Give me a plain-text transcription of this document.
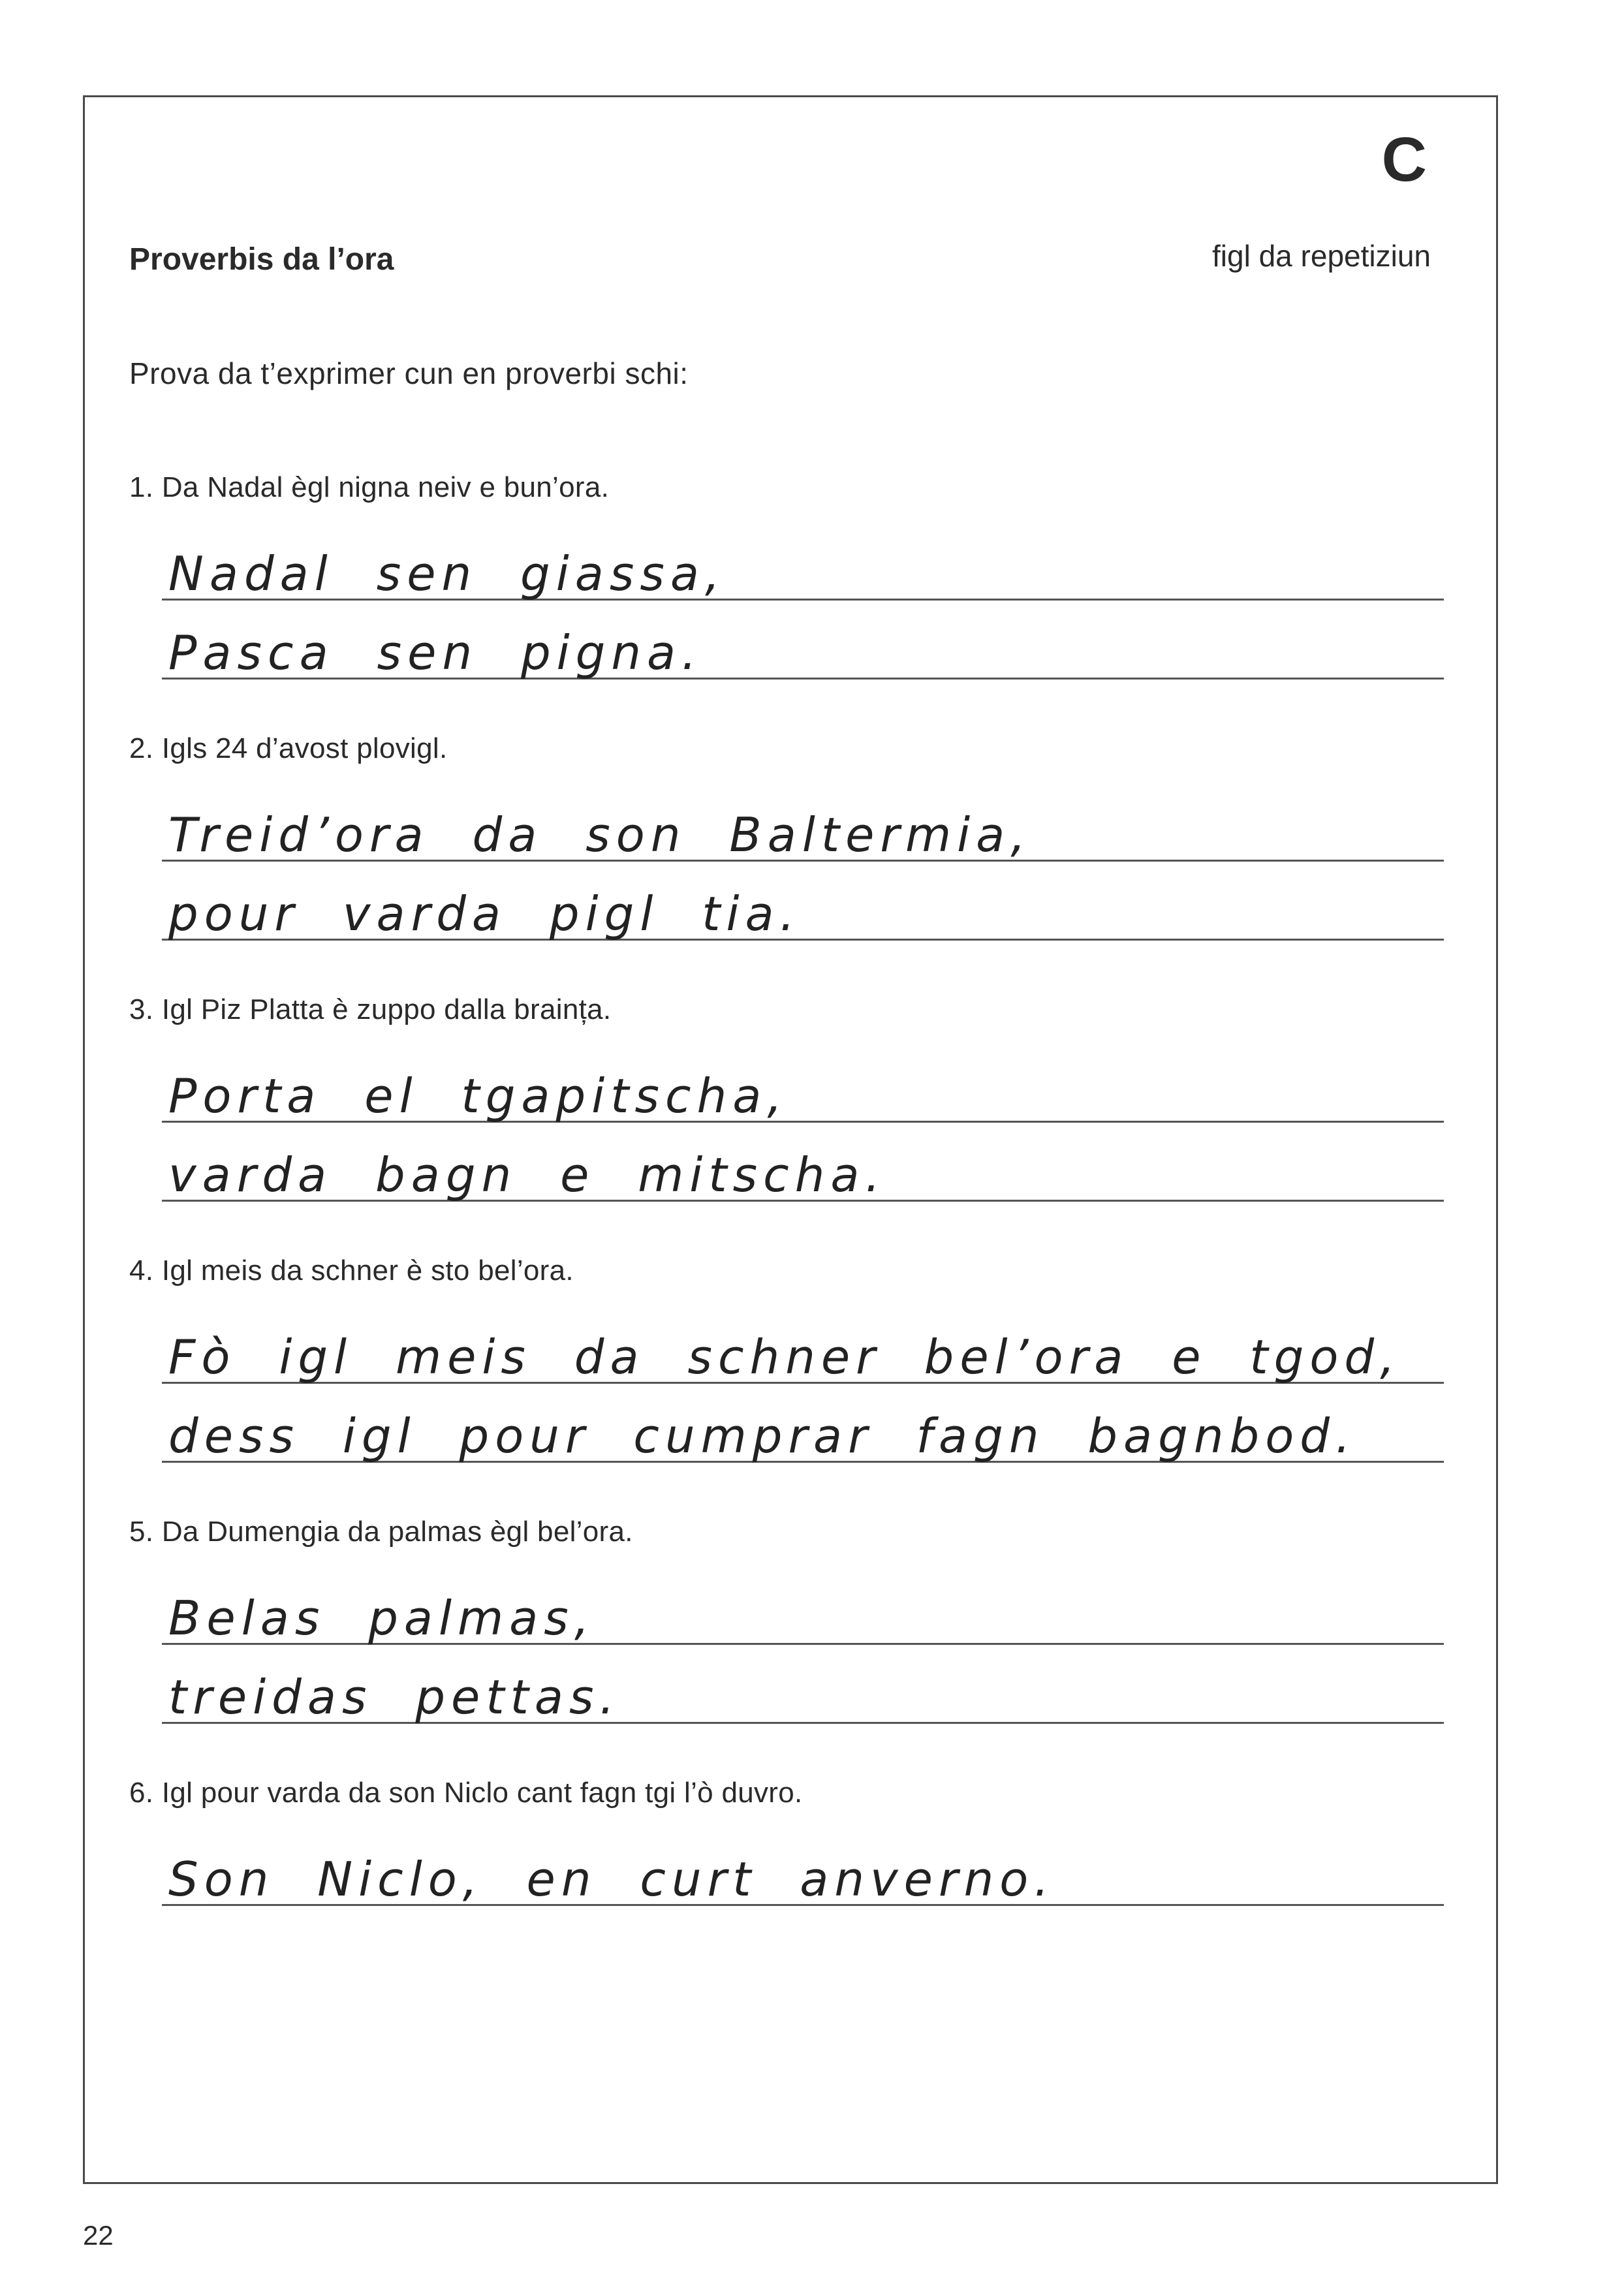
C
Proverbis da l’ora	figl da repetiziun
Prova da t’exprimer cun en proverbi schi:
1. Da Nadal ègl nigna neiv e bun’ora.
Nadal sen giassa,
Pasca sen pigna.
2. Igls 24 d’avost plovigl.
Treid’ora da son Baltermia,
pour varda pigl tia.
3. Igl Piz Platta è zuppo dalla braința.
Porta el tgapitscha,
varda bagn e mitscha.
4. Igl meis da schner è sto bel’ora.
Fò igl meis da schner bel’ora e tgod,
dess igl pour cumprar fagn bagnbod.
5. Da Dumengia da palmas ègl bel’ora.
Belas palmas,
treidas pettas.
6. Igl pour varda da son Niclo cant fagn tgi l’ò duvro.
Son Niclo, en curt anverno.
22
